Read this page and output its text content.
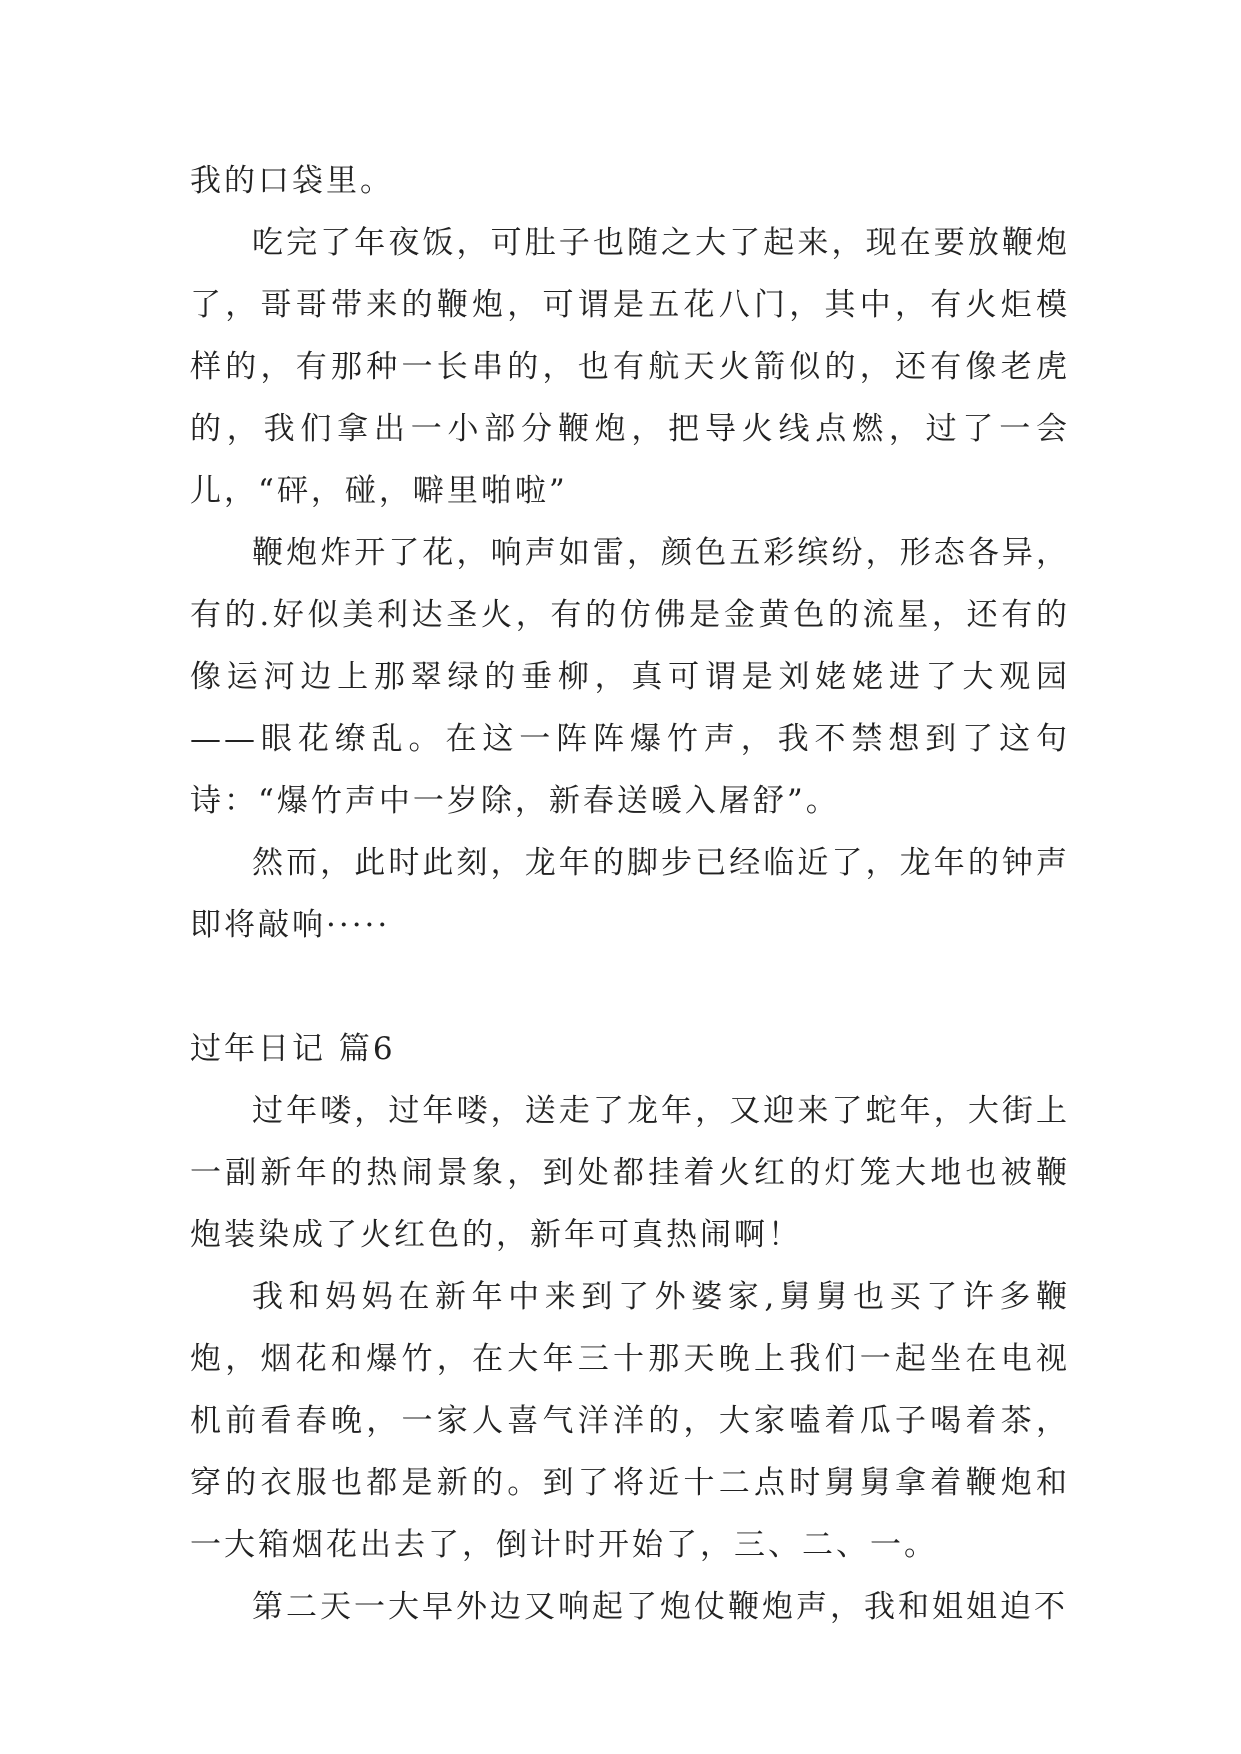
我的口袋里。

吃完了年夜饭，可肚子也随之大了起来，现在要放鞭炮了，哥哥带来的鞭炮，可谓是五花八门，其中，有火炬模样的，有那种一长串的，也有航天火箭似的，还有像老虎的，我们拿出一小部分鞭炮，把导火线点燃，过了一会儿，“砰，碰，噼里啪啦”

鞭炮炸开了花，响声如雷，颜色五彩缤纷，形态各异，有的.好似美利达圣火，有的仿佛是金黄色的流星，还有的像运河边上那翠绿的垂柳，真可谓是刘姥姥进了大观园——眼花缭乱。在这一阵阵爆竹声，我不禁想到了这句诗：“爆竹声中一岁除，新春送暖入屠舒”。

然而，此时此刻，龙年的脚步已经临近了，龙年的钟声即将敲响·····

过年日记 篇6

过年喽，过年喽，送走了龙年，又迎来了蛇年，大街上一副新年的热闹景象，到处都挂着火红的灯笼大地也被鞭炮装染成了火红色的，新年可真热闹啊！

我和妈妈在新年中来到了外婆家,舅舅也买了许多鞭炮，烟花和爆竹，在大年三十那天晚上我们一起坐在电视机前看春晚，一家人喜气洋洋的，大家嗑着瓜子喝着茶，穿的衣服也都是新的。到了将近十二点时舅舅拿着鞭炮和一大箱烟花出去了，倒计时开始了，三、二、一。

第二天一大早外边又响起了炮仗鞭炮声，我和姐姐迫不
